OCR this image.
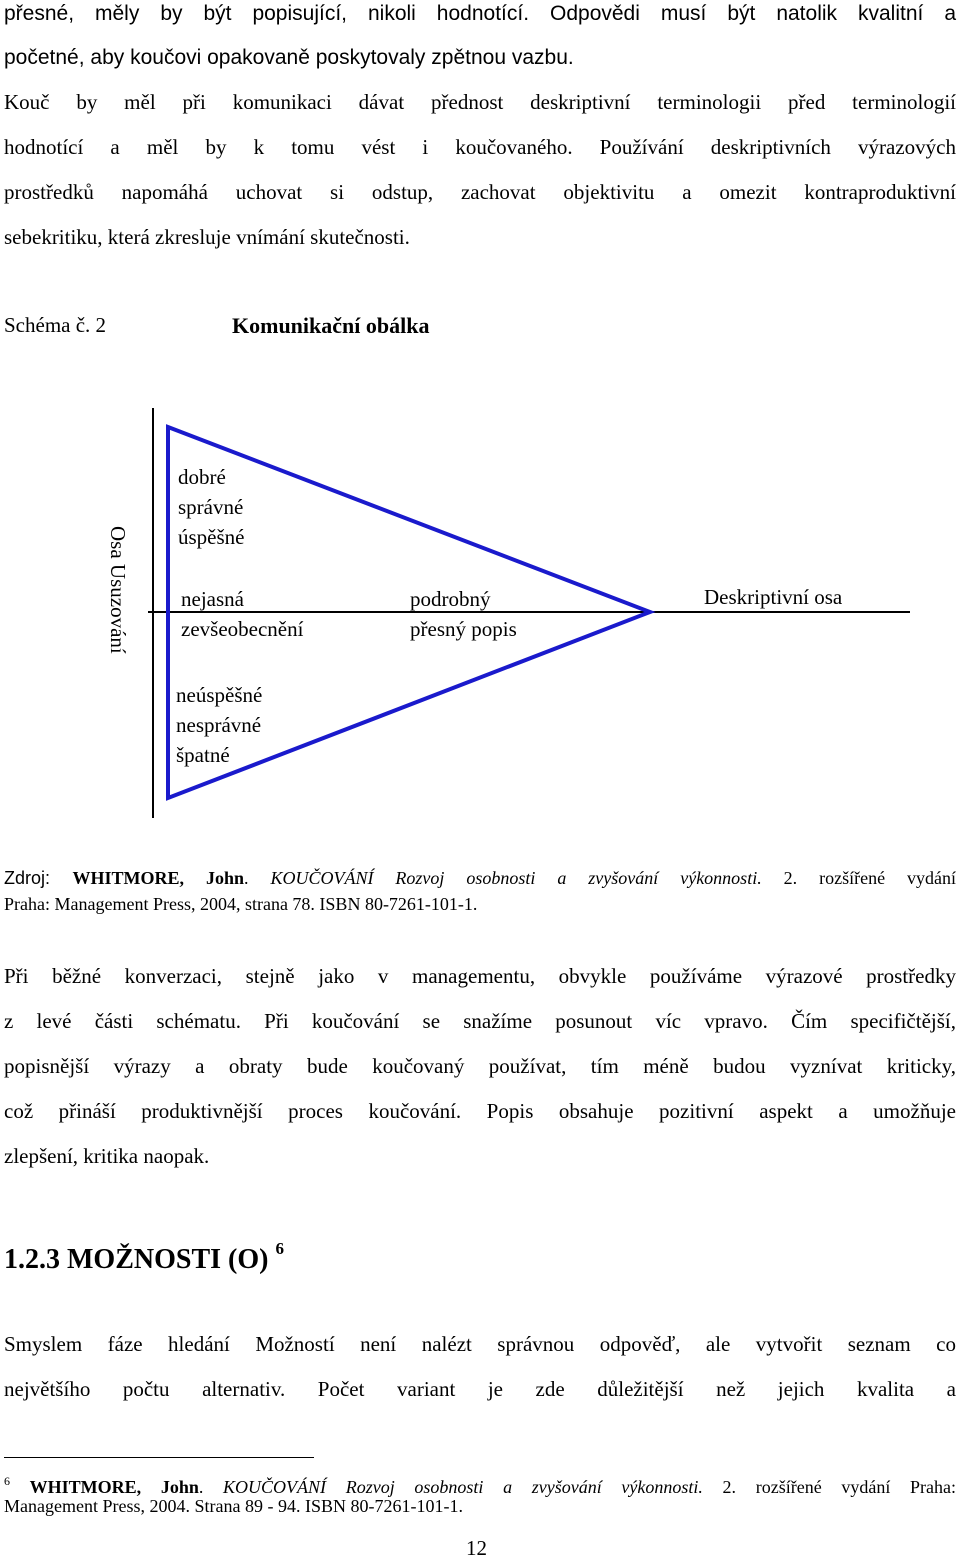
přesné, měly by být popisující, nikoli hodnotící. Odpovědi musí být natolik kvalitní a
početné, aby koučovi opakovaně poskytovaly zpětnou vazbu.
Kouč by měl při komunikaci dávat přednost deskriptivní terminologii před terminologií
hodnotící a měl by k tomu vést i koučovaného. Používání deskriptivních výrazových
prostředků napomáhá uchovat si odstup, zachovat objektivitu a omezit kontraproduktivní
sebekritiku, která zkresluje vnímání skutečnosti.
Schéma č. 2	Komunikační obálka
Osa Usuzování
dobré
správné
úspěšné
nejasná
zevšeobecnění
podrobný
přesný popis
Deskriptivní osa
neúspěšné
nesprávné
špatné
Zdroj: WHITMORE, John. KOUČOVÁNÍ Rozvoj osobnosti a zvyšování výkonnosti. 2. rozšířené vydání
Praha: Management Press, 2004, strana 78. ISBN 80-7261-101-1.
Při běžné konverzaci, stejně jako v managementu, obvykle používáme výrazové prostředky
z levé části schématu. Při koučování se snažíme posunout víc vpravo. Čím specifičtější,
popisnější výrazy a obraty bude koučovaný používat, tím méně budou vyznívat kriticky,
což přináší produktivnější proces koučování. Popis obsahuje pozitivní aspekt a umožňuje
zlepšení, kritika naopak.
1.2.3 MOŽNOSTI (O) $^6$
Smyslem fáze hledání Možností není nalézt správnou odpověď, ale vytvořit seznam co
největšího počtu alternativ. Počet variant je zde důležitější než jejich kvalita a
$^6$ WHITMORE, John. KOUČOVÁNÍ Rozvoj osobnosti a zvyšování výkonnosti. 2. rozšířené vydání Praha:
Management Press, 2004. Strana 89 - 94. ISBN 80-7261-101-1.
12
